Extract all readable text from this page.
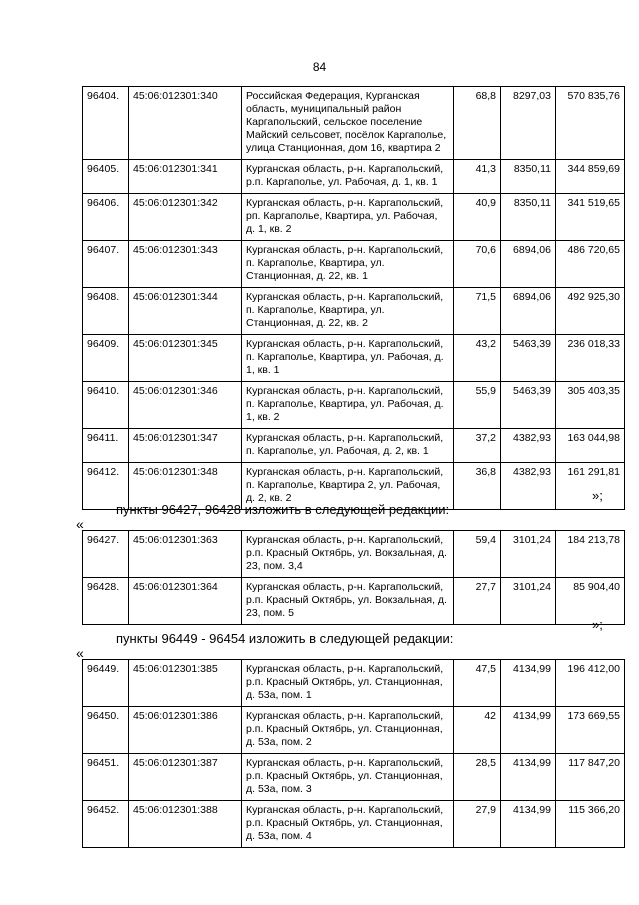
84
96404.	45:06:012301:340	Российская Федерация, Курганская область, муниципальный район Каргапольский, сельское поселение Майский сельсовет, посёлок Каргаполье, улица Станционная, дом 16, квартира 2	68,8	8297,03	570 835,76
96405.	45:06:012301:341	Курганская область, р-н. Каргапольский, р.п. Каргаполье, ул. Рабочая, д. 1, кв. 1	41,3	8350,11	344 859,69
96406.	45:06:012301:342	Курганская область, р-н. Каргапольский, рп. Каргаполье, Квартира, ул. Рабочая, д. 1, кв. 2	40,9	8350,11	341 519,65
96407.	45:06:012301:343	Курганская область, р-н. Каргапольский, п. Каргаполье, Квартира, ул. Станционная, д. 22, кв. 1	70,6	6894,06	486 720,65
96408.	45:06:012301:344	Курганская область, р-н. Каргапольский, п. Каргаполье, Квартира, ул. Станционная, д. 22, кв. 2	71,5	6894,06	492 925,30
96409.	45:06:012301:345	Курганская область, р-н. Каргапольский, п. Каргаполье, Квартира, ул. Рабочая, д. 1, кв. 1	43,2	5463,39	236 018,33
96410.	45:06:012301:346	Курганская область, р-н. Каргапольский, п. Каргаполье, Квартира, ул. Рабочая, д. 1, кв. 2	55,9	5463,39	305 403,35
96411.	45:06:012301:347	Курганская область, р-н. Каргапольский, п. Каргаполье, ул. Рабочая, д. 2, кв. 1	37,2	4382,93	163 044,98
96412.	45:06:012301:348	Курганская область, р-н. Каргапольский, п. Каргаполье, Квартира 2, ул. Рабочая, д. 2, кв. 2	36,8	4382,93	161 291,81
»;
пункты 96427, 96428 изложить в следующей редакции:
«
96427.	45:06:012301:363	Курганская область, р-н. Каргапольский, р.п. Красный Октябрь, ул. Вокзальная, д. 23, пом. 3,4	59,4	3101,24	184 213,78
96428.	45:06:012301:364	Курганская область, р-н. Каргапольский, р.п. Красный Октябрь, ул. Вокзальная, д. 23, пом. 5	27,7	3101,24	85 904,40
»;
пункты 96449 - 96454 изложить в следующей редакции:
«
96449.	45:06:012301:385	Курганская область, р-н. Каргапольский, р.п. Красный Октябрь, ул. Станционная, д. 53а, пом. 1	47,5	4134,99	196 412,00
96450.	45:06:012301:386	Курганская область, р-н. Каргапольский, р.п. Красный Октябрь, ул. Станционная, д. 53а, пом. 2	42	4134,99	173 669,55
96451.	45:06:012301:387	Курганская область, р-н. Каргапольский, р.п. Красный Октябрь, ул. Станционная, д. 53а, пом. 3	28,5	4134,99	117 847,20
96452.	45:06:012301:388	Курганская область, р-н. Каргапольский, р.п. Красный Октябрь, ул. Станционная, д. 53а, пом. 4	27,9	4134,99	115 366,20
